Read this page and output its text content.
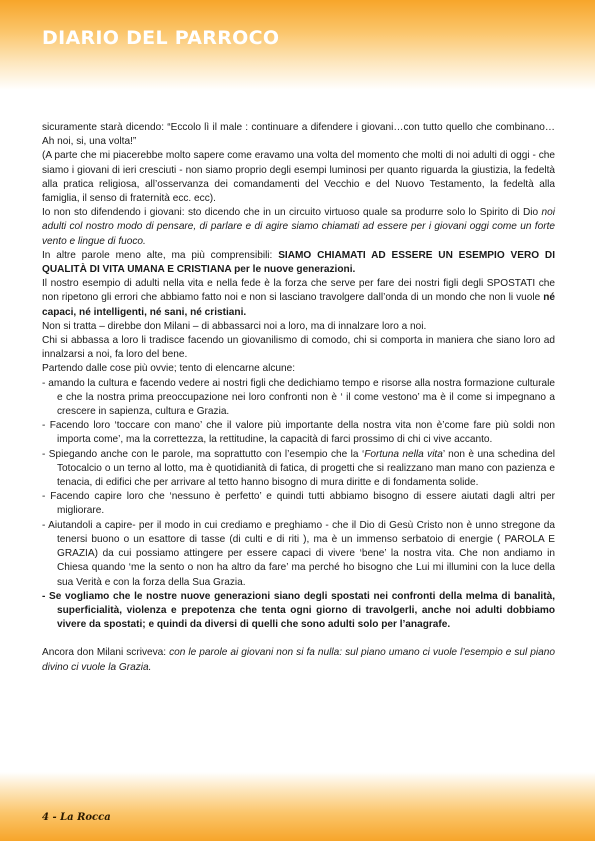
DIARIO DEL PARROCO

sicuramente starà dicendo: “Eccolo lì il male : continuare a difendere i giovani…con tutto quello che combinano… Ah noi, si, una volta!”

(A parte che mi piacerebbe molto sapere come eravamo una volta del momento che molti di noi adulti di oggi - che siamo i giovani di ieri cresciuti - non siamo proprio degli esempi luminosi per quanto riguarda la giustizia, la fedeltà alla pratica religiosa, all’osservanza dei comandamenti del Vecchio e del Nuovo Testamento, la fedeltà alla famiglia, il senso di fraternità ecc. ecc).

Io non sto difendendo i giovani: sto dicendo che in un circuito virtuoso quale sa produrre solo lo Spirito di Dio noi adulti col nostro modo di pensare, di parlare e di agire siamo chiamati ad essere per i giovani oggi come un forte vento e lingue di fuoco.

In altre parole meno alte, ma più comprensibili: SIAMO CHIAMATI AD ESSERE UN ESEMPIO VERO DI QUALITÀ DI VITA UMANA E CRISTIANA per le nuove generazioni.

Il nostro esempio di adulti nella vita e nella fede è la forza che serve per fare dei nostri figli degli SPOSTATI che non ripetono gli errori che abbiamo fatto noi e non si lasciano travolgere dall’onda di un mondo che non li vuole né capaci, né intelligenti, né sani, né cristiani.

Non si tratta – direbbe don Milani – di abbassarci noi a loro, ma di innalzare loro a noi.

Chi si abbassa a loro li tradisce facendo un giovanilismo di comodo, chi si comporta in maniera che siano loro ad innalzarsi a noi, fa loro del bene.

Partendo dalle cose più ovvie; tento di elencarne alcune:

- amando la cultura e facendo vedere ai nostri figli che dedichiamo tempo e risorse alla nostra formazione culturale e che la nostra prima preoccupazione nei loro confronti non è ‘ il come vestono’ ma è il come si impegnano a crescere in sapienza, cultura e Grazia.
- Facendo loro ‘toccare con mano’ che il valore più importante della nostra vita non è’come fare più soldi non importa come’, ma la correttezza, la rettitudine, la capacità di farci prossimo di chi ci vive accanto.
- Spiegando anche con le parole, ma soprattutto con l’esempio che la ‘Fortuna nella vita’ non è una schedina del Totocalcio o un terno al lotto, ma è quotidianità di fatica, di progetti che si realizzano man mano con pazienza e tenacia, di edifici che per arrivare al tetto hanno bisogno di mura diritte e di fondamenta solide.
- Facendo capire loro che ‘nessuno è perfetto’ e quindi tutti abbiamo bisogno di essere aiutati dagli altri per migliorare.
- Aiutandoli a capire- per il modo in cui crediamo e preghiamo - che il Dio di Gesù Cristo non è unno stregone da tenersi buono o un esattore di tasse (di culti e di riti ), ma è un immenso serbatoio di energie ( PAROLA E GRAZIA) da cui possiamo attingere per essere capaci di vivere ‘bene’ la nostra vita. Che non andiamo in Chiesa quando ‘me la sento o non ha altro da fare’ ma perché ho bisogno che Lui mi illumini con la luce della sua Verità e con la forza della Sua Grazia.
- Se vogliamo che le nostre nuove generazioni siano degli spostati nei confronti della melma di banalità, superficialità, violenza e prepotenza che tenta ogni giorno di travolgerli, anche noi adulti dobbiamo vivere da spostati; e quindi da diversi di quelli che sono adulti solo per l’anagrafe.

Ancora don Milani scriveva: con le parole ai giovani non si fa nulla: sul piano umano ci vuole l’esempio e sul piano divino ci vuole la Grazia.

4 - La Rocca
